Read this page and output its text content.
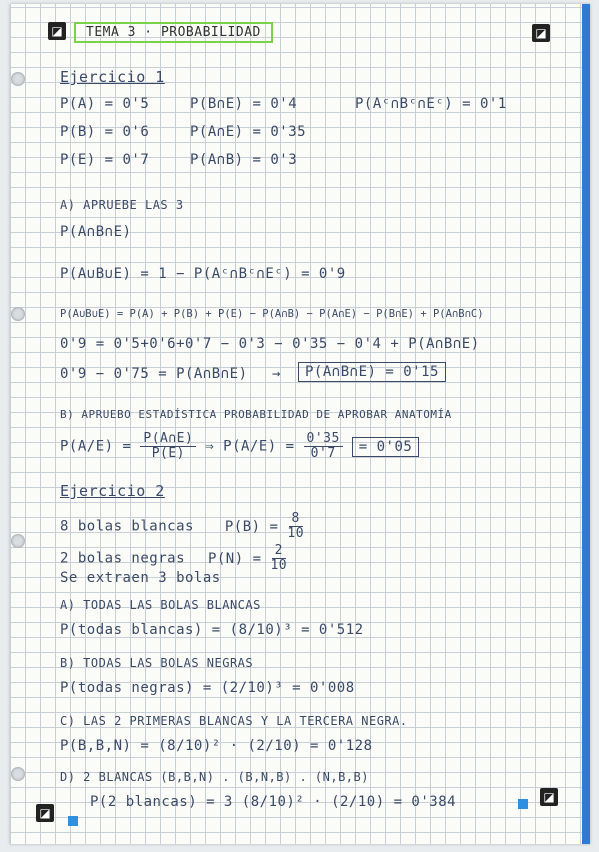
◪	◪
◪
◪
TEMA 3 · PROBABILIDAD
Ejercicio 1
P(A) = 0'5
P(B) = 0'6
P(E) = 0'7
P(B∩E) = 0'4
P(A∩E) = 0'35
P(A∩B) = 0'3
P(Aᶜ∩Bᶜ∩Eᶜ) = 0'1
A) APRUEBE LAS 3
P(A∩B∩E)
P(A∪B∪E) = 1 − P(Aᶜ∩Bᶜ∩Eᶜ) = 0'9
P(A∪B∪E) = P(A) + P(B) + P(E) − P(A∩B) − P(A∩E) − P(B∩E) + P(A∩B∩C)
0'9 = 0'5+0'6+0'7 − 0'3 − 0'35 − 0'4 + P(A∩B∩E)
0'9 − 0'75 = P(A∩B∩E) →	P(A∩B∩E) = 0'15
B) APRUEBO ESTADÍSTICA PROBABILIDAD DE APROBAR ANATOMÍA
$P(A/E) = \frac{P(A\cap E)}{P(E)}$ ⇒ $P(A/E) = \frac{0'35}{0'7} = 0'05$
Ejercicio 2
8 bolas blancas $P(B) = \frac{8}{10}$
2 bolas negras $P(N) = \frac{2}{10}$
Se extraen 3 bolas
A) TODAS LAS BOLAS BLANCAS
P(todas blancas) = (8/10)³ = 0'512
B) TODAS LAS BOLAS NEGRAS
P(todas negras) = (2/10)³ = 0'008
C) LAS 2 PRIMERAS BLANCAS Y LA TERCERA NEGRA.
P(B,B,N) = (8/10)² · (2/10) = 0'128
D) 2 BLANCAS (B,B,N) . (B,N,B) . (N,B,B)
P(2 blancas) = 3 (8/10)² · (2/10) = 0'384
